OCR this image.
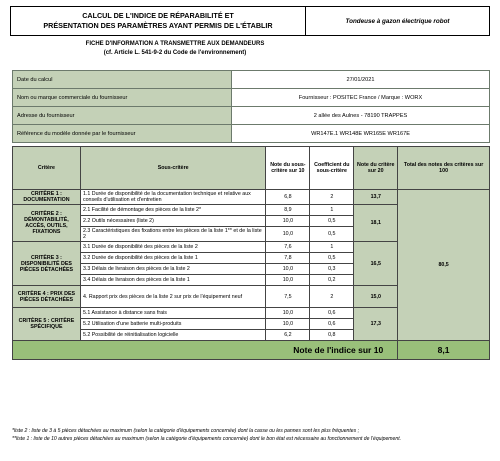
CALCUL DE L'INDICE DE RÉPARABILITÉ ET
PRÉSENTATION DES PARAMÈTRES AYANT PERMIS DE L'ÉTABLIR	Tondeuse à gazon électrique robot
FICHE D'INFORMATION A TRANSMETTRE AUX DEMANDEURS
(cf. Article L. 541-9-2 du Code de l'environnement)
Date du calcul	27/01/2021
Nom ou marque commerciale du fournisseur	Fournisseur : POSITEC France / Marque : WORX
Adresse du fournisseur	2 allée des Aulnes - 78190 TRAPPES
Référence du modèle donnée par le fournisseur	WR147E.1 WR148E WR165E WR167E
Critère	Sous-critère	Note du sous-critère sur 10	Coefficient du sous-critère	Note du critère sur 20	Total des notes des critères sur 100
CRITÈRE 1 : DOCUMENTATION	1.1 Durée de disponibilité de la documentation technique et relative aux conseils d'utilisation et d'entretien	6,8	2	13,7	80,5
CRITÈRE 2 : DÉMONTABILITÉ, ACCÈS, OUTILS, FIXATIONS	2.1 Facilité de démontage des pièces de la liste 2*	8,9	1	18,1	
	2.2 Outils nécessaires (liste 2)	10,0	0,5		
	2.3 Caractéristiques des fixations entre les pièces de la liste 1** et de la liste 2	10,0	0,5		
CRITÈRE 3 : DISPONIBILITÉ DES PIÈCES DÉTACHÉES	3.1 Durée de disponibilité des pièces de la liste 2	7,6	1	16,5	
	3.2 Durée de disponibilité des pièces de la liste 1	7,8	0,5		
	3.3 Délais de livraison des pièces de la liste 2	10,0	0,3		
	3.4 Délais de livraison des pièces de la liste 1	10,0	0,2		
CRITÈRE 4 : PRIX DES PIÈCES DÉTACHÉES	4. Rapport prix des pièces de la liste 2 sur prix de l'équipement neuf	7,5	2	15,0	
CRITÈRE 5 : CRITÈRE SPÉCIFIQUE	5.1 Assistance à distance sans frais	10,0	0,6	17,3	
	5.2 Utilisation d'une batterie multi-produits	10,0	0,6		
	5.2 Possibilité de réinitialisation logicielle	6,2	0,8		
Note de l'indice sur 10					8,1
*liste 2 : liste de 3 à 5 pièces détachées au maximum (selon la catégorie d'équipements concernée) dont la casse ou les pannes sont les plus fréquentes ;
**liste 1 : liste de 10 autres pièces détachées au maximum (selon la catégorie d'équipements concernée) dont le bon état est nécessaire au fonctionnement de l'équipement.
